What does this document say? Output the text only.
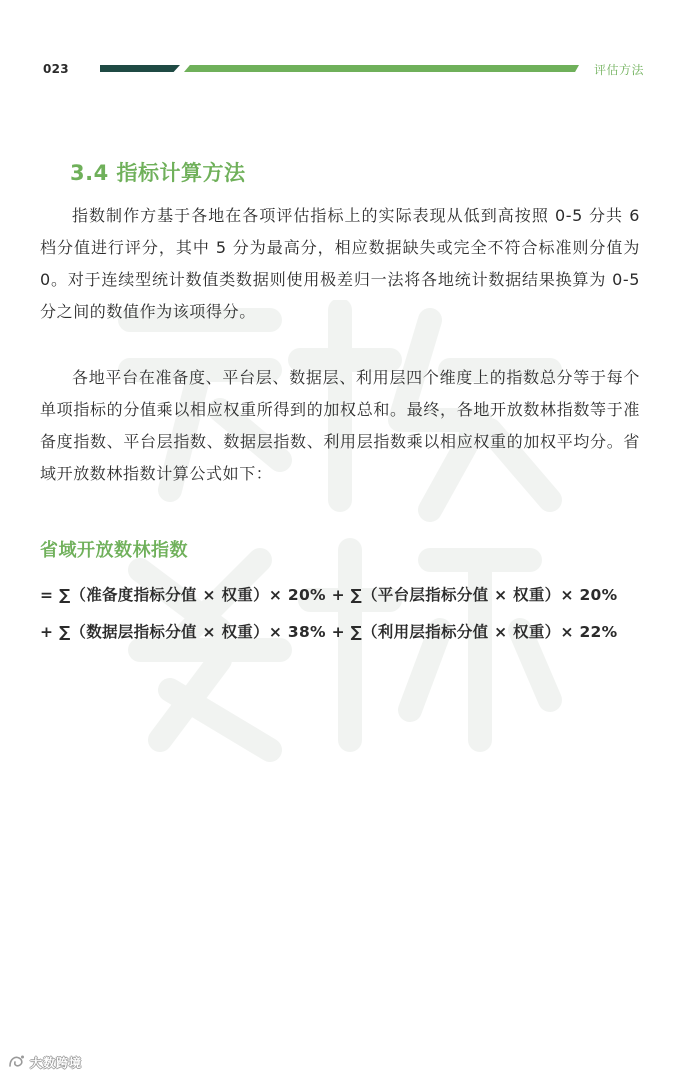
023	评估方法
3.4 指标计算方法

指数制作方基于各地在各项评估指标上的实际表现从低到高按照 0-5 分共 6 档分值进行评分，其中 5 分为最高分，相应数据缺失或完全不符合标准则分值为 0。对于连续型统计数值类数据则使用极差归一法将各地统计数据结果换算为 0-5 分之间的数值作为该项得分。

各地平台在准备度、平台层、数据层、利用层四个维度上的指数总分等于每个单项指标的分值乘以相应权重所得到的加权总和。最终，各地开放数林指数等于准备度指数、平台层指数、数据层指数、利用层指数乘以相应权重的加权平均分。省域开放数林指数计算公式如下：

省域开放数林指数
= ∑（准备度指标分值 × 权重）× 20% + ∑（平台层指标分值 × 权重）× 20%
+ ∑（数据层指标分值 × 权重）× 38% + ∑（利用层指标分值 × 权重）× 22%
大数跨境
